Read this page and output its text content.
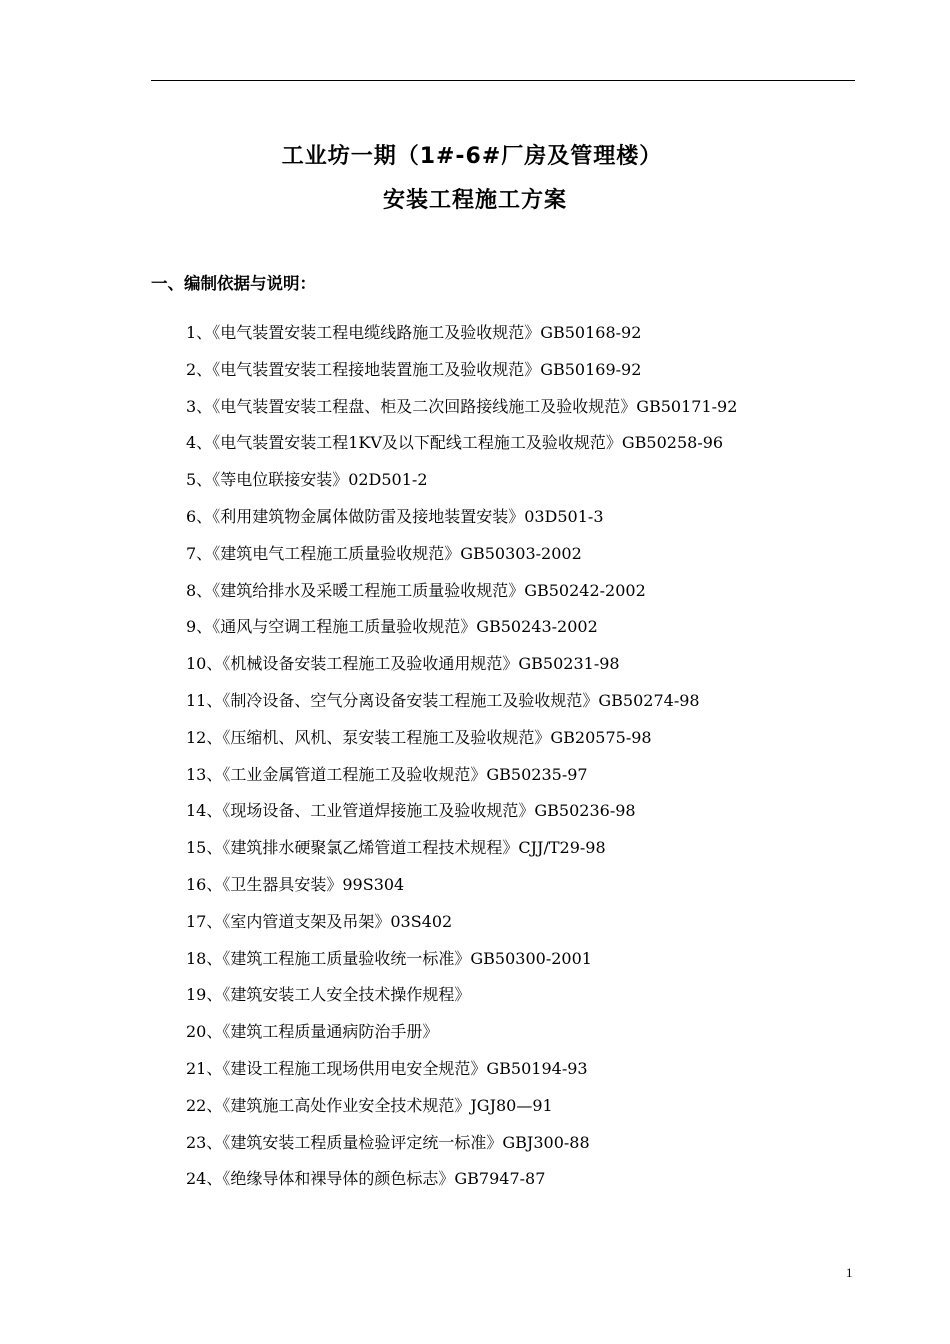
工业坊一期（1#-6#厂房及管理楼）
安装工程施工方案
一、编制依据与说明：
1、《电气装置安装工程电缆线路施工及验收规范》GB50168-92
2、《电气装置安装工程接地装置施工及验收规范》GB50169-92
3、《电气装置安装工程盘、柜及二次回路接线施工及验收规范》GB50171-92
4、《电气装置安装工程1KV及以下配线工程施工及验收规范》GB50258-96
5、《等电位联接安装》02D501-2
6、《利用建筑物金属体做防雷及接地装置安装》03D501-3
7、《建筑电气工程施工质量验收规范》GB50303-2002
8、《建筑给排水及采暖工程施工质量验收规范》GB50242-2002
9、《通风与空调工程施工质量验收规范》GB50243-2002
10、《机械设备安装工程施工及验收通用规范》GB50231-98
11、《制冷设备、空气分离设备安装工程施工及验收规范》GB50274-98
12、《压缩机、风机、泵安装工程施工及验收规范》GB20575-98
13、《工业金属管道工程施工及验收规范》GB50235-97
14、《现场设备、工业管道焊接施工及验收规范》GB50236-98
15、《建筑排水硬聚氯乙烯管道工程技术规程》CJJ/T29-98
16、《卫生器具安装》99S304
17、《室内管道支架及吊架》03S402
18、《建筑工程施工质量验收统一标准》GB50300-2001
19、《建筑安装工人安全技术操作规程》
20、《建筑工程质量通病防治手册》
21、《建设工程施工现场供用电安全规范》GB50194-93
22、《建筑施工高处作业安全技术规范》JGJ80—91
23、《建筑安装工程质量检验评定统一标准》GBJ300-88
24、《绝缘导体和裸导体的颜色标志》GB7947-87
1
